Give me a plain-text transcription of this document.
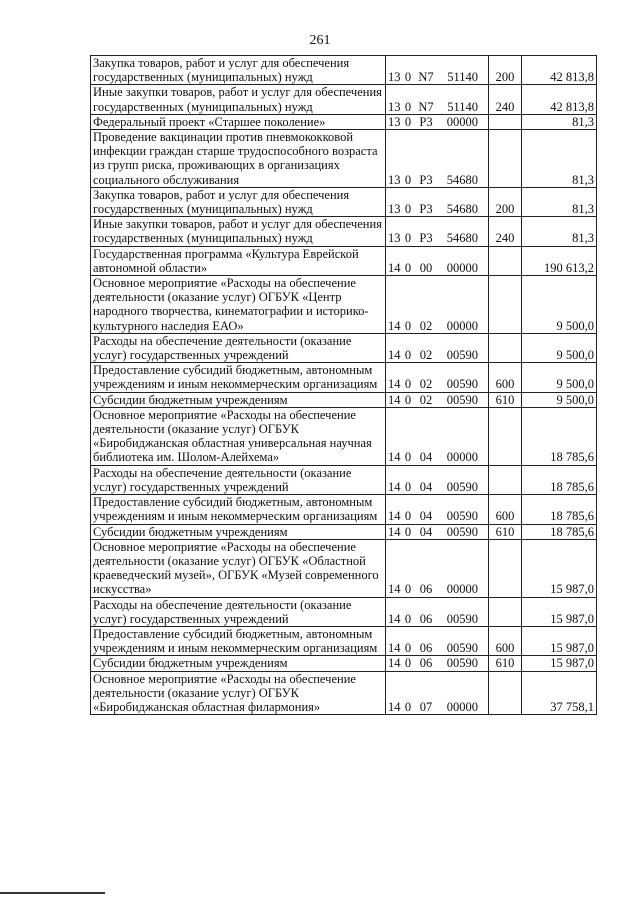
261
Закупка товаров, работ и услуг для обеспечения государственных (муниципальных) нужд	13 0 N7 51140	200	42 813,8
Иные закупки товаров, работ и услуг для обеспечения государственных (муниципальных) нужд	13 0 N7 51140	240	42 813,8
Федеральный проект «Старшее поколение»	13 0 P3 00000		81,3
Проведение вакцинации против пневмококковой инфекции граждан старше трудоспособного возраста из групп риска, проживающих в организациях социального обслуживания	13 0 P3 54680		81,3
Закупка товаров, работ и услуг для обеспечения государственных (муниципальных) нужд	13 0 P3 54680	200	81,3
Иные закупки товаров, работ и услуг для обеспечения государственных (муниципальных) нужд	13 0 P3 54680	240	81,3
Государственная программа «Культура Еврейской автономной области»	14 0 00 00000		190 613,2
Основное мероприятие «Расходы на обеспечение деятельности (оказание услуг) ОГБУК «Центр народного творчества, кинематографии и историко-культурного наследия ЕАО»	14 0 02 00000		9 500,0
Расходы на обеспечение деятельности (оказание услуг) государственных учреждений	14 0 02 00590		9 500,0
Предоставление субсидий бюджетным, автономным учреждениям и иным некоммерческим организациям	14 0 02 00590	600	9 500,0
Субсидии бюджетным учреждениям	14 0 02 00590	610	9 500,0
Основное мероприятие «Расходы на обеспечение деятельности (оказание услуг) ОГБУК «Биробиджанская областная универсальная научная библиотека им. Шолом-Алейхема»	14 0 04 00000		18 785,6
Расходы на обеспечение деятельности (оказание услуг) государственных учреждений	14 0 04 00590		18 785,6
Предоставление субсидий бюджетным, автономным учреждениям и иным некоммерческим организациям	14 0 04 00590	600	18 785,6
Субсидии бюджетным учреждениям	14 0 04 00590	610	18 785,6
Основное мероприятие «Расходы на обеспечение деятельности (оказание услуг) ОГБУК «Областной краеведческий музей», ОГБУК «Музей современного искусства»	14 0 06 00000		15 987,0
Расходы на обеспечение деятельности (оказание услуг) государственных учреждений	14 0 06 00590		15 987,0
Предоставление субсидий бюджетным, автономным учреждениям и иным некоммерческим организациям	14 0 06 00590	600	15 987,0
Субсидии бюджетным учреждениям	14 0 06 00590	610	15 987,0
Основное мероприятие «Расходы на обеспечение деятельности (оказание услуг) ОГБУК «Биробиджанская областная филармония»	14 0 07 00000		37 758,1
